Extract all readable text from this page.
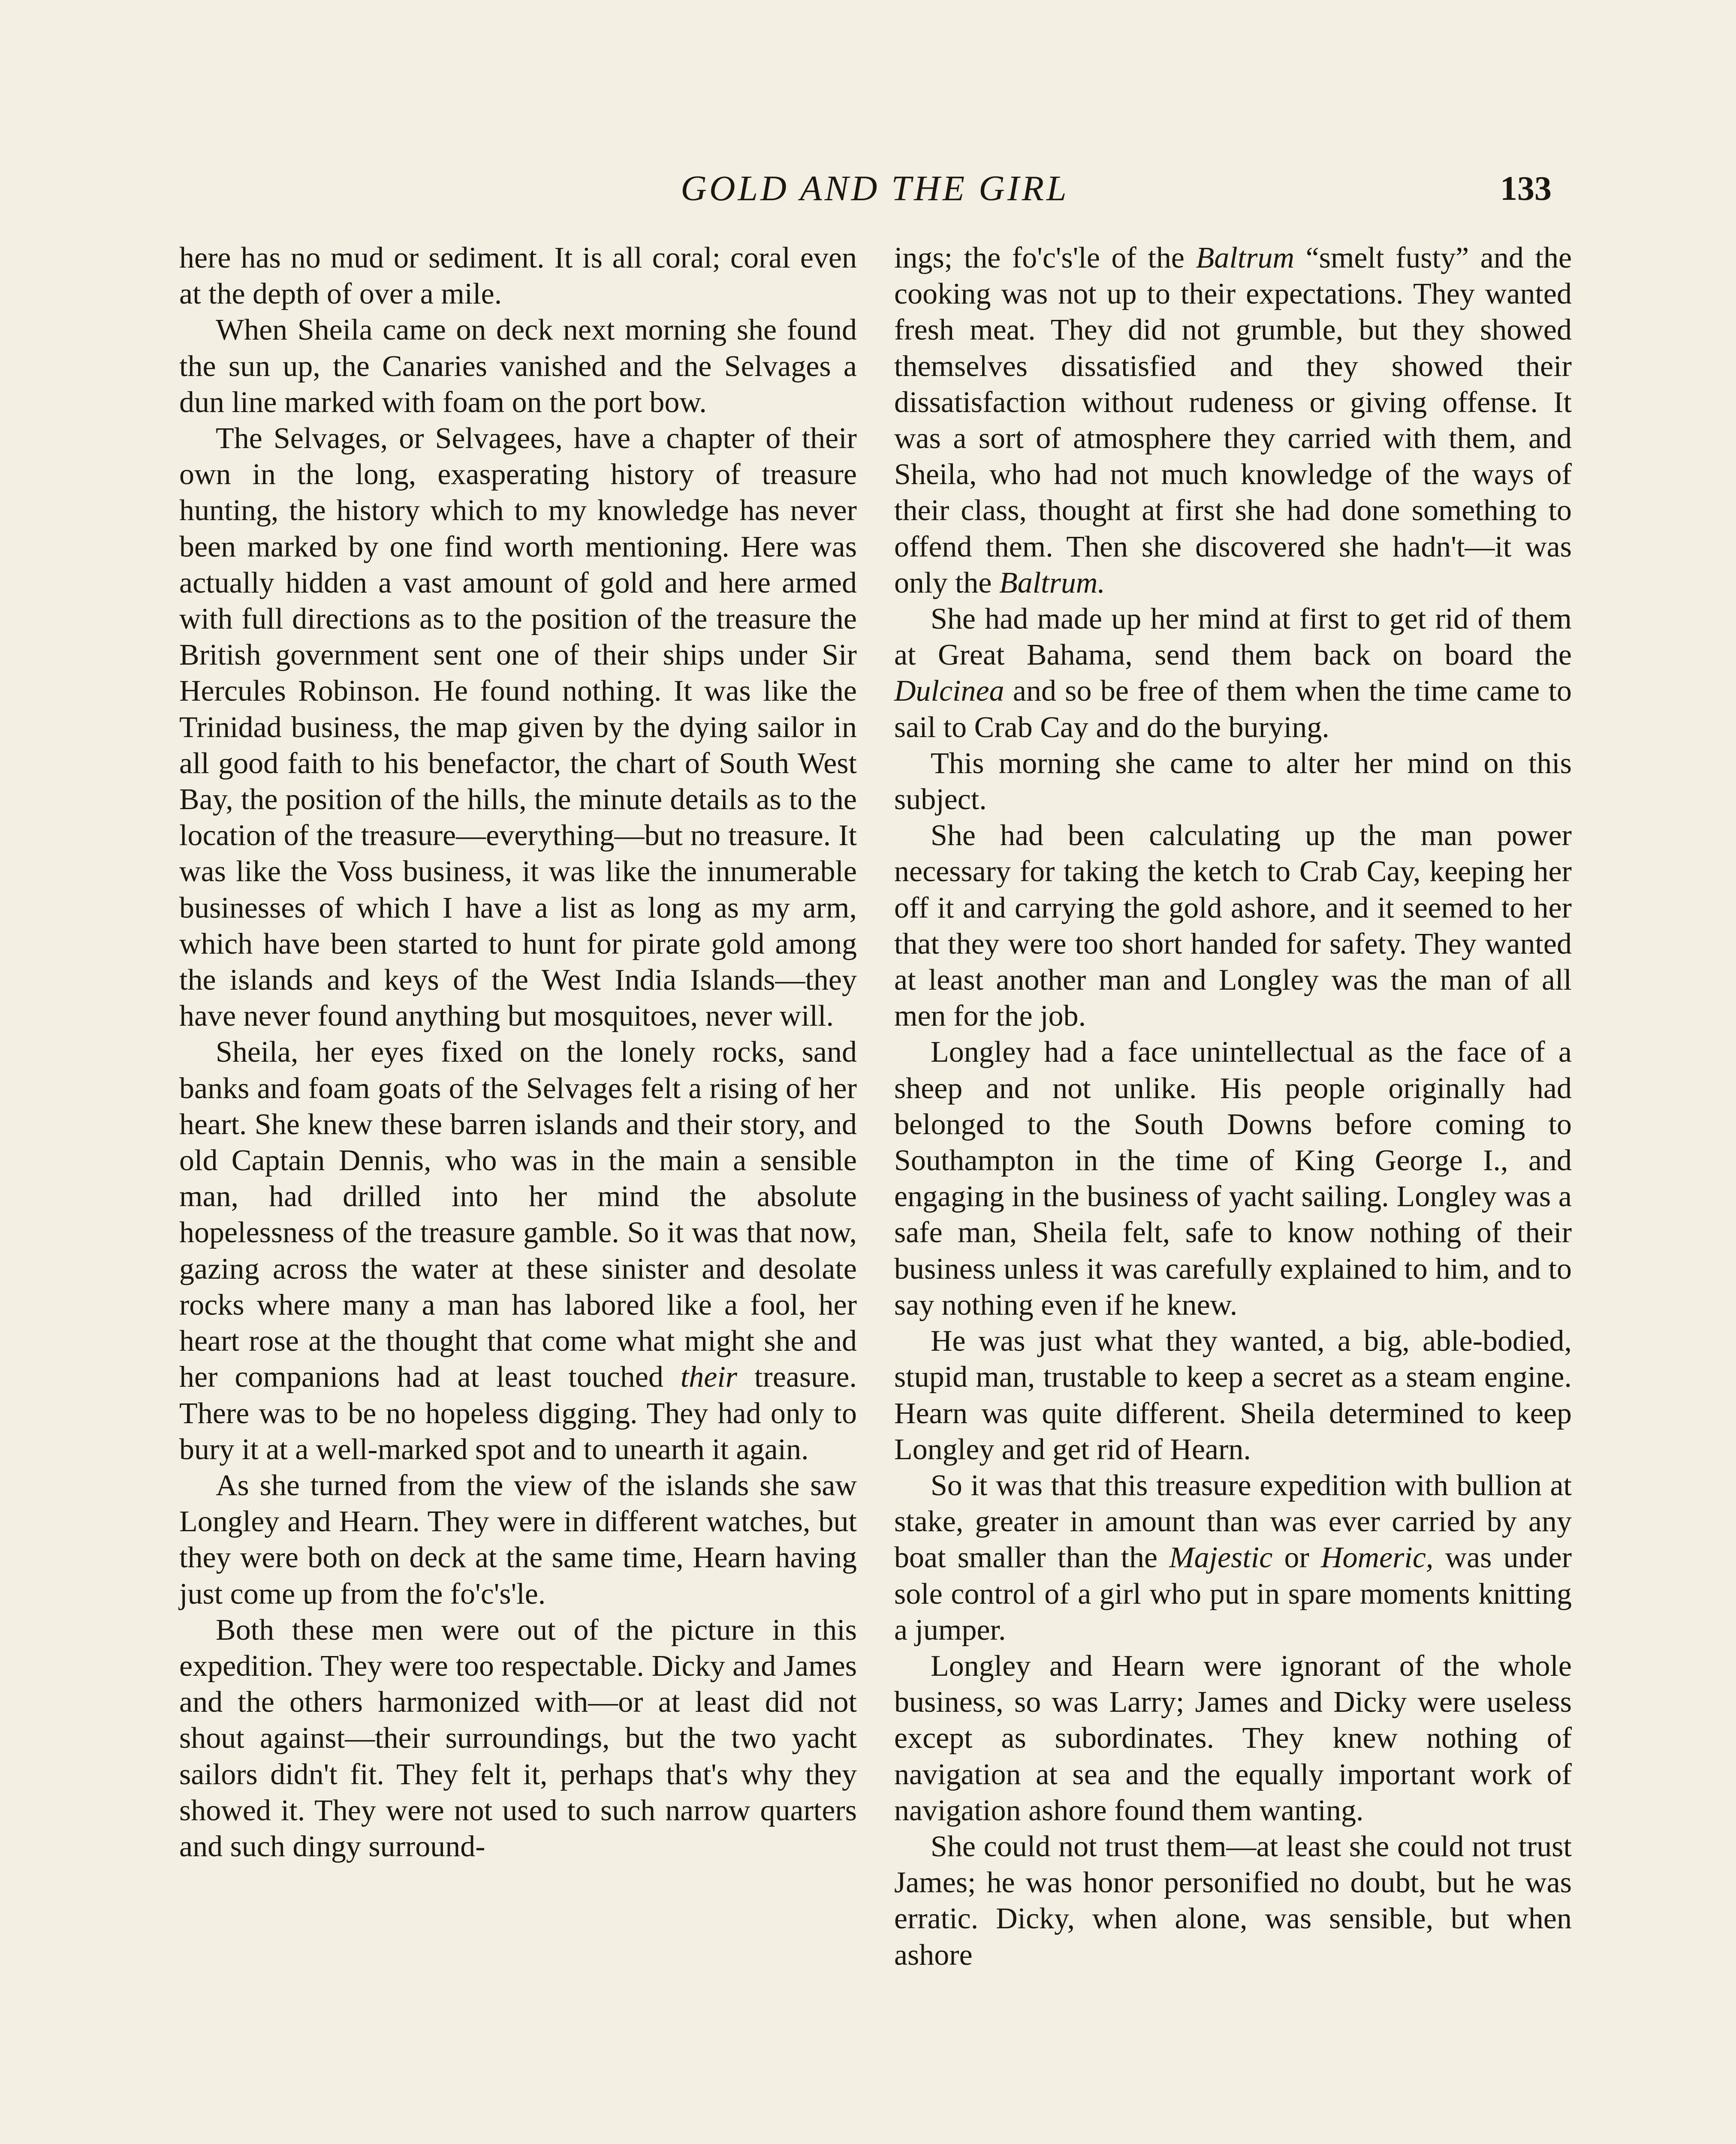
GOLD AND THE GIRL	133

here has no mud or sediment. It is all coral; coral even at the depth of over a mile.

When Sheila came on deck next morning she found the sun up, the Canaries vanished and the Selvages a dun line marked with foam on the port bow.

The Selvages, or Selvagees, have a chapter of their own in the long, exasperating history of treasure hunting, the history which to my knowledge has never been marked by one find worth mentioning. Here was actually hidden a vast amount of gold and here armed with full directions as to the position of the treasure the British government sent one of their ships under Sir Hercules Robinson. He found nothing. It was like the Trinidad business, the map given by the dying sailor in all good faith to his benefactor, the chart of South West Bay, the position of the hills, the minute details as to the location of the treasure—everything—but no treasure. It was like the Voss business, it was like the innumerable businesses of which I have a list as long as my arm, which have been started to hunt for pirate gold among the islands and keys of the West India Islands—they have never found anything but mosquitoes, never will.

Sheila, her eyes fixed on the lonely rocks, sand banks and foam goats of the Selvages felt a rising of her heart. She knew these barren islands and their story, and old Captain Dennis, who was in the main a sensible man, had drilled into her mind the absolute hopelessness of the treasure gamble. So it was that now, gazing across the water at these sinister and desolate rocks where many a man has labored like a fool, her heart rose at the thought that come what might she and her companions had at least touched their treasure. There was to be no hopeless digging. They had only to bury it at a well-marked spot and to unearth it again.

As she turned from the view of the islands she saw Longley and Hearn. They were in different watches, but they were both on deck at the same time, Hearn having just come up from the fo'c's'le.

Both these men were out of the picture in this expedition. They were too respectable. Dicky and James and the others harmonized with—or at least did not shout against—their surroundings, but the two yacht sailors didn't fit. They felt it, perhaps that's why they showed it. They were not used to such narrow quarters and such dingy surround-

ings; the fo'c's'le of the Baltrum “smelt fusty” and the cooking was not up to their expectations. They wanted fresh meat. They did not grumble, but they showed themselves dissatisfied and they showed their dissatisfaction without rudeness or giving offense. It was a sort of atmosphere they carried with them, and Sheila, who had not much knowledge of the ways of their class, thought at first she had done something to offend them. Then she discovered she hadn't—it was only the Baltrum.

She had made up her mind at first to get rid of them at Great Bahama, send them back on board the Dulcinea and so be free of them when the time came to sail to Crab Cay and do the burying.

This morning she came to alter her mind on this subject.

She had been calculating up the man power necessary for taking the ketch to Crab Cay, keeping her off it and carrying the gold ashore, and it seemed to her that they were too short handed for safety. They wanted at least another man and Longley was the man of all men for the job.

Longley had a face unintellectual as the face of a sheep and not unlike. His people originally had belonged to the South Downs before coming to Southampton in the time of King George I., and engaging in the business of yacht sailing. Longley was a safe man, Sheila felt, safe to know nothing of their business unless it was carefully explained to him, and to say nothing even if he knew.

He was just what they wanted, a big, able-bodied, stupid man, trustable to keep a secret as a steam engine. Hearn was quite different. Sheila determined to keep Longley and get rid of Hearn.

So it was that this treasure expedition with bullion at stake, greater in amount than was ever carried by any boat smaller than the Majestic or Homeric, was under sole control of a girl who put in spare moments knitting a jumper.

Longley and Hearn were ignorant of the whole business, so was Larry; James and Dicky were useless except as subordinates. They knew nothing of navigation at sea and the equally important work of navigation ashore found them wanting.

She could not trust them—at least she could not trust James; he was honor personified no doubt, but he was erratic. Dicky, when alone, was sensible, but when ashore
